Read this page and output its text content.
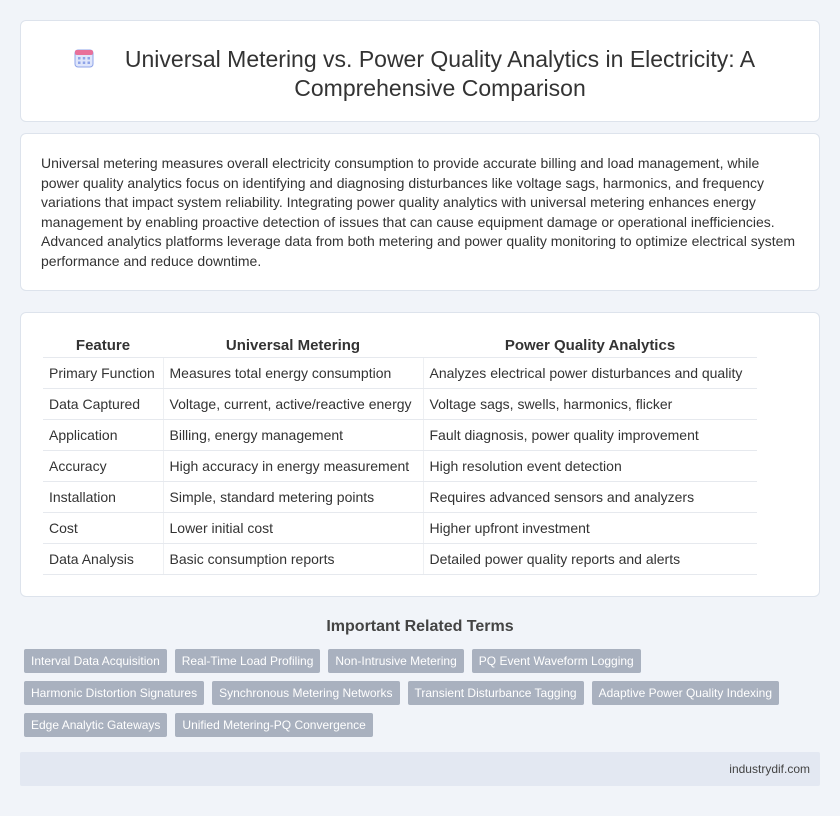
Universal Metering vs. Power Quality Analytics in Electricity: A Comprehensive Comparison

Universal metering measures overall electricity consumption to provide accurate billing and load management, while power quality analytics focus on identifying and diagnosing disturbances like voltage sags, harmonics, and frequency variations that impact system reliability. Integrating power quality analytics with universal metering enhances energy management by enabling proactive detection of issues that can cause equipment damage or operational inefficiencies. Advanced analytics platforms leverage data from both metering and power quality monitoring to optimize electrical system performance and reduce downtime.

Feature	Universal Metering	Power Quality Analytics
Primary Function	Measures total energy consumption	Analyzes electrical power disturbances and quality
Data Captured	Voltage, current, active/reactive energy	Voltage sags, swells, harmonics, flicker
Application	Billing, energy management	Fault diagnosis, power quality improvement
Accuracy	High accuracy in energy measurement	High resolution event detection
Installation	Simple, standard metering points	Requires advanced sensors and analyzers
Cost	Lower initial cost	Higher upfront investment
Data Analysis	Basic consumption reports	Detailed power quality reports and alerts
Important Related Terms
Interval Data Acquisition	Real-Time Load Profiling	Non-Intrusive Metering	PQ Event Waveform Logging
Harmonic Distortion Signatures	Synchronous Metering Networks	Transient Disturbance Tagging	Adaptive Power Quality Indexing
Edge Analytic Gateways	Unified Metering-PQ Convergence
industrydif.com
